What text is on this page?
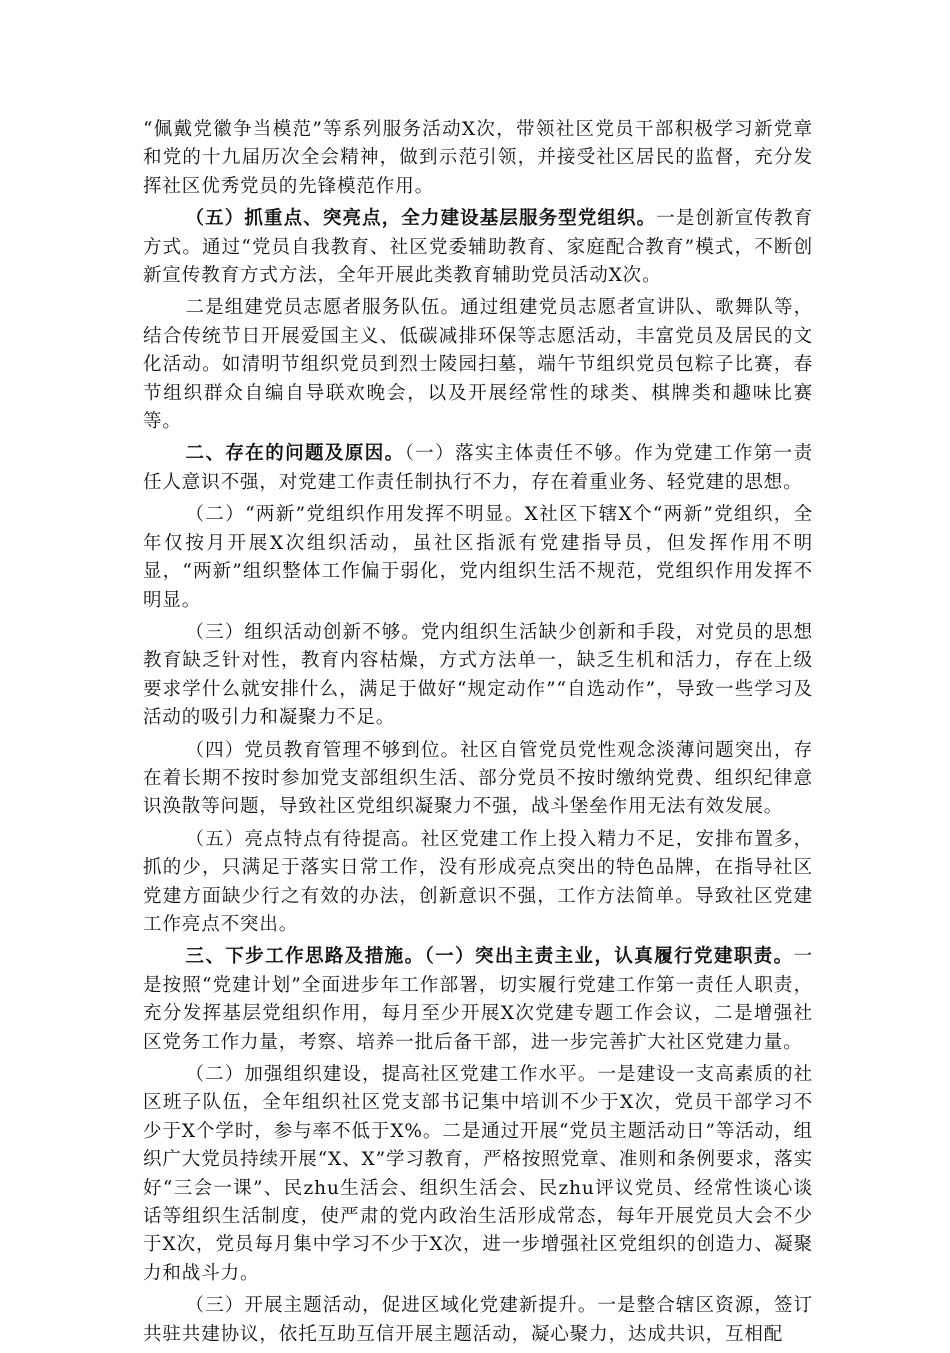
“佩戴党徽争当模范”等系列服务活动X次，带领社区党员干部积极学习新党章和党的十九届历次全会精神，做到示范引领，并接受社区居民的监督，充分发挥社区优秀党员的先锋模范作用。

（五）抓重点、突亮点，全力建设基层服务型党组织。一是创新宣传教育方式。通过“党员自我教育、社区党委辅助教育、家庭配合教育”模式，不断创新宣传教育方式方法，全年开展此类教育辅助党员活动X次。

二是组建党员志愿者服务队伍。通过组建党员志愿者宣讲队、歌舞队等，结合传统节日开展爱国主义、低碳减排环保等志愿活动，丰富党员及居民的文化活动。如清明节组织党员到烈士陵园扫墓，端午节组织党员包粽子比赛，春节组织群众自编自导联欢晚会，以及开展经常性的球类、棋牌类和趣味比赛等。

二、存在的问题及原因。（一）落实主体责任不够。作为党建工作第一责任人意识不强，对党建工作责任制执行不力，存在着重业务、轻党建的思想。

（二）“两新”党组织作用发挥不明显。X社区下辖X个“两新”党组织，全年仅按月开展X次组织活动，虽社区指派有党建指导员，但发挥作用不明显，“两新”组织整体工作偏于弱化，党内组织生活不规范，党组织作用发挥不明显。

（三）组织活动创新不够。党内组织生活缺少创新和手段，对党员的思想教育缺乏针对性，教育内容枯燥，方式方法单一，缺乏生机和活力，存在上级要求学什么就安排什么，满足于做好“规定动作”“自选动作”，导致一些学习及活动的吸引力和凝聚力不足。

（四）党员教育管理不够到位。社区自管党员党性观念淡薄问题突出，存在着长期不按时参加党支部组织生活、部分党员不按时缴纳党费、组织纪律意识涣散等问题，导致社区党组织凝聚力不强，战斗堡垒作用无法有效发展。

（五）亮点特点有待提高。社区党建工作上投入精力不足，安排布置多，抓的少，只满足于落实日常工作，没有形成亮点突出的特色品牌，在指导社区党建方面缺少行之有效的办法，创新意识不强，工作方法简单。导致社区党建工作亮点不突出。

三、下步工作思路及措施。（一）突出主责主业，认真履行党建职责。一是按照“党建计划”全面进步年工作部署，切实履行党建工作第一责任人职责，充分发挥基层党组织作用，每月至少开展X次党建专题工作会议，二是增强社区党务工作力量，考察、培养一批后备干部，进一步完善扩大社区党建力量。

（二）加强组织建设，提高社区党建工作水平。一是建设一支高素质的社区班子队伍，全年组织社区党支部书记集中培训不少于X次，党员干部学习不少于X个学时，参与率不低于X%。二是通过开展“党员主题活动日”等活动，组织广大党员持续开展“X、X”学习教育，严格按照党章、准则和条例要求，落实好“三会一课”、民zhu生活会、组织生活会、民zhu评议党员、经常性谈心谈话等组织生活制度，使严肃的党内政治生活形成常态，每年开展党员大会不少于X次，党员每月集中学习不少于X次，进一步增强社区党组织的创造力、凝聚力和战斗力。

（三）开展主题活动，促进区域化党建新提升。一是整合辖区资源，签订共驻共建协议，依托互助互信开展主题活动，凝心聚力，达成共识，互相配
